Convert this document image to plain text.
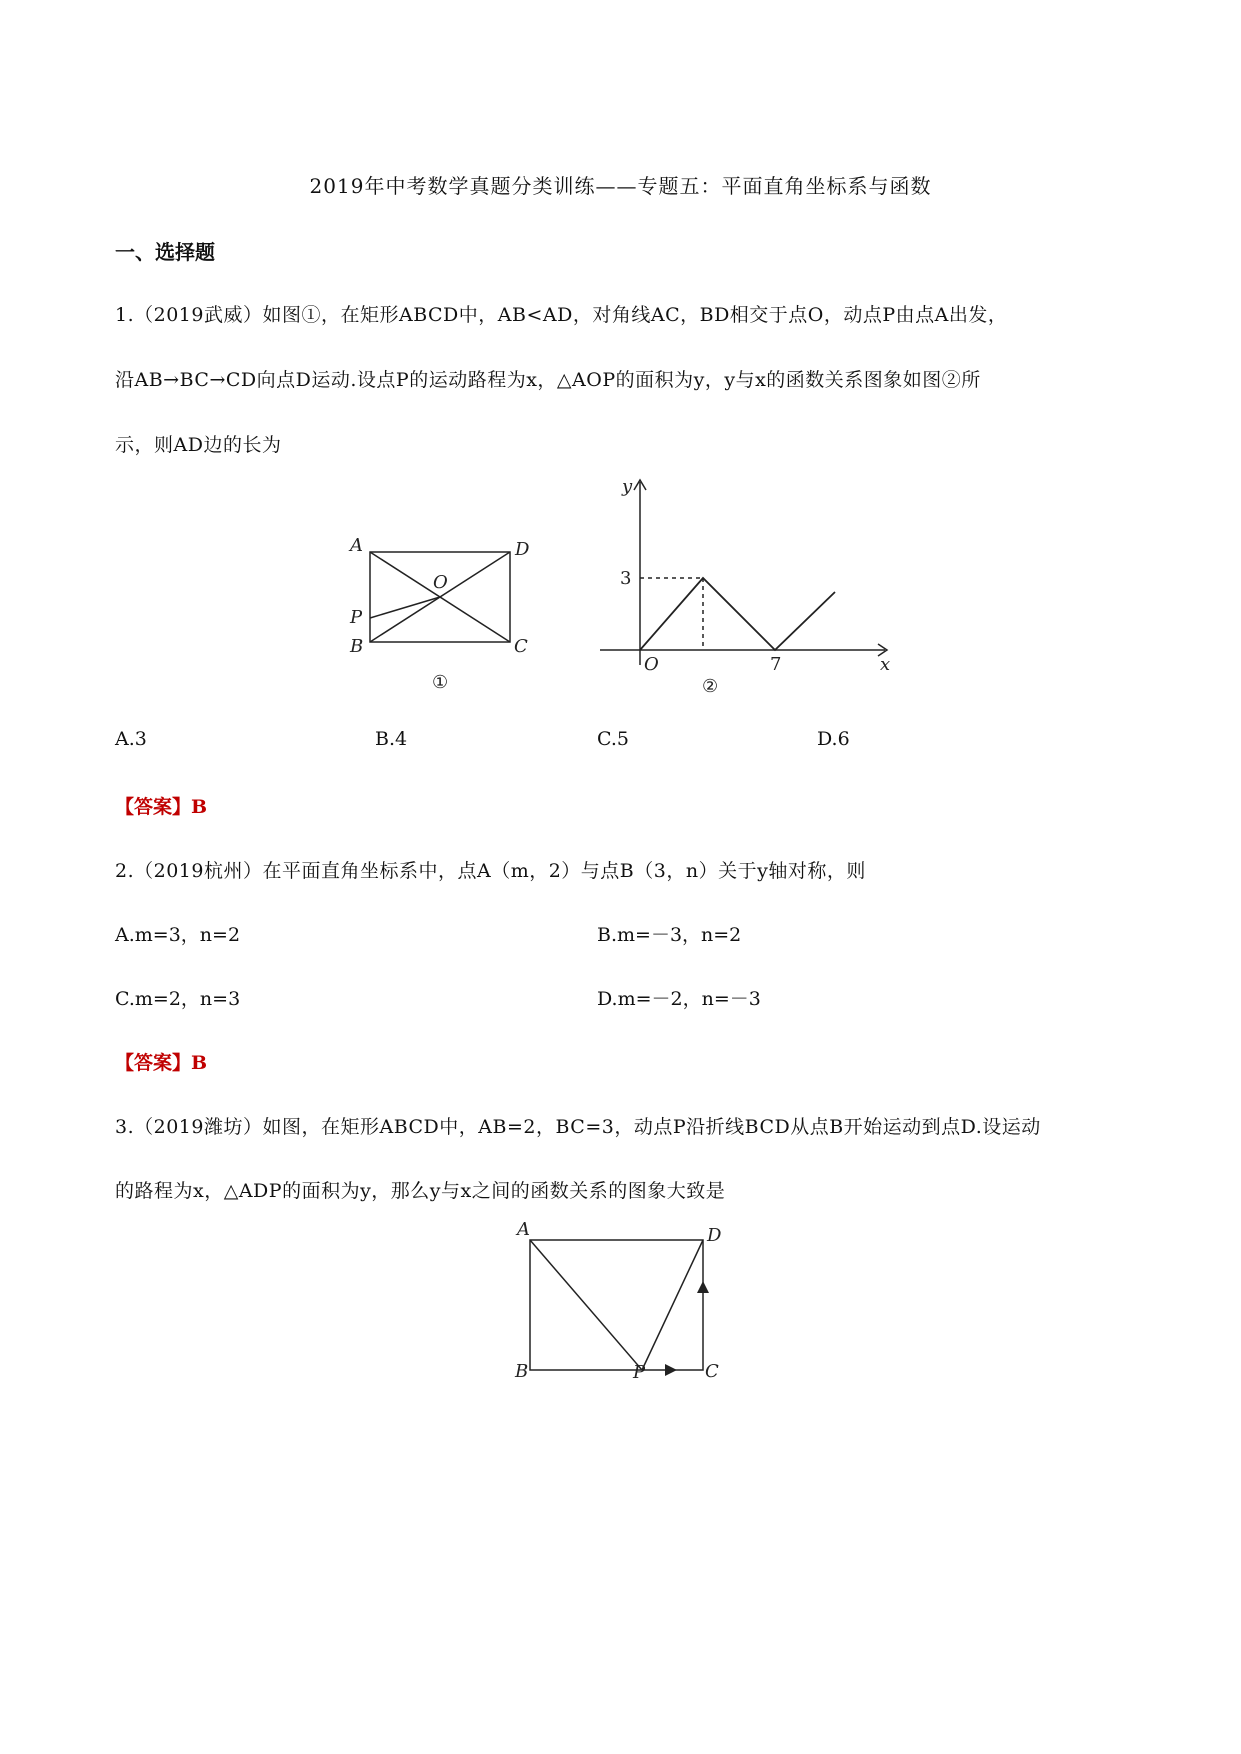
2019年中考数学真题分类训练——专题五：平面直角坐标系与函数
一、选择题
1.（2019武威）如图①，在矩形ABCD中，AB<AD，对角线AC，BD相交于点O，动点P由点A出发，
沿AB→BC→CD向点D运动.设点P的运动路程为x，△AOP的面积为y，y与x的函数关系图象如图②所
示，则AD边的长为
A	D
O
P
B	C
①
y
x
O
3
7
②
A.3	B.4	C.5	D.6
【答案】B
2.（2019杭州）在平面直角坐标系中，点A（m，2）与点B（3，n）关于y轴对称，则
A.m=3，n=2	B.m=－3，n=2
C.m=2，n=3	D.m=－2，n=－3
【答案】B
3.（2019潍坊）如图，在矩形ABCD中，AB=2，BC=3，动点P沿折线BCD从点B开始运动到点D.设运动
的路程为x，△ADP的面积为y，那么y与x之间的函数关系的图象大致是
A	D
B	P	C
